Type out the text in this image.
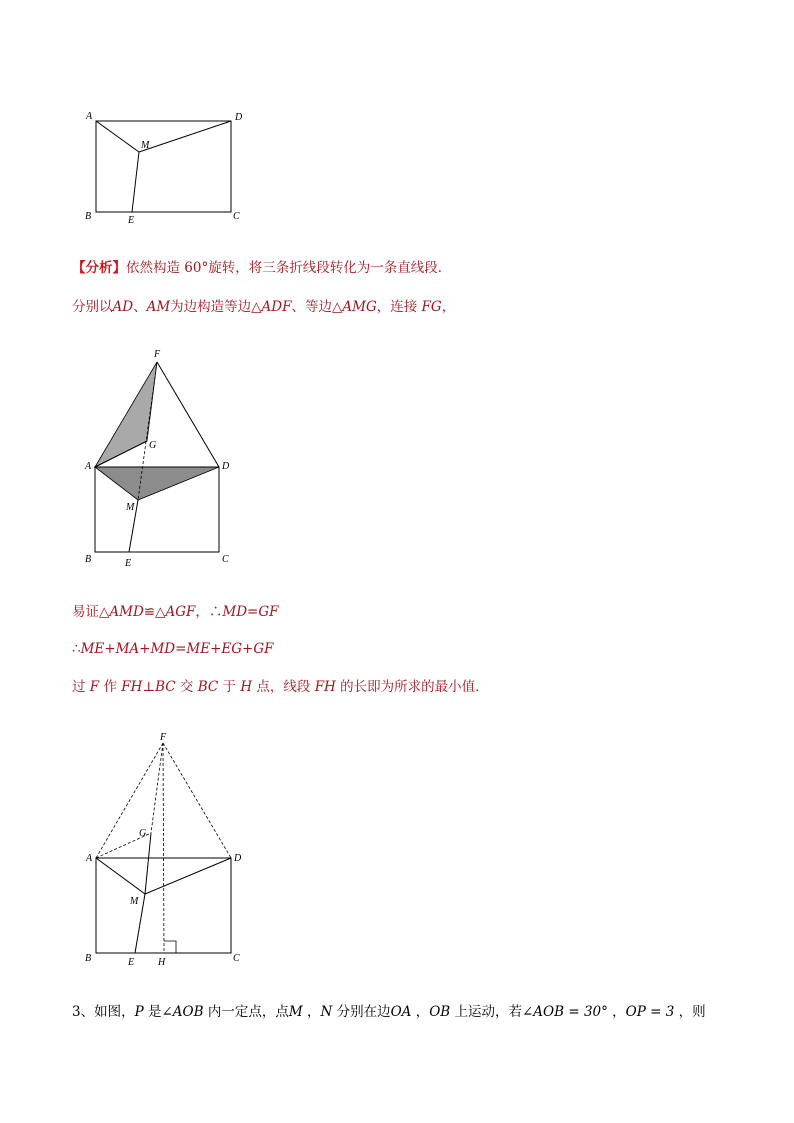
A	D
M
B	E	C
【分析】依然构造 60°旋转，将三条折线段转化为一条直线段．
分别以AD、AM为边构造等边△ADF、等边△AMG，连接 FG，
F
G
A	D
M
B	E	C
易证△AMD≌△AGF，∴MD=GF
∴ME+MA+MD=ME+EG+GF
过 F 作 FH⊥BC 交 BC 于 H 点，线段 FH 的长即为所求的最小值．
F
G
A	D
M
B	E H	C
3、如图，P 是∠AOB 内一定点，点M ，N 分别在边OA ，OB 上运动，若∠AOB = 30° ，OP = 3 ，则
